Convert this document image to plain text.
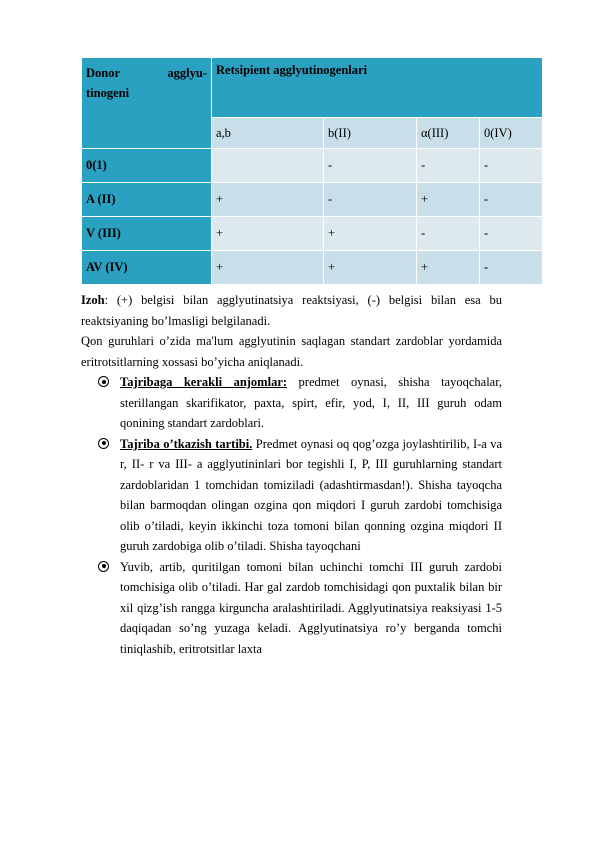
Donor agglyu-
tinogeni	Retsipient agglyutinogenlari			
	a,b	b(II)	α(III)	0(IV)
0(1)		-	-	-
A (II)	+	-	+	-
V (III)	+	+	-	-
AV (IV)	+	+	+	-
Izoh: (+) belgisi bilan agglyutinatsiya reaktsiyasi, (-) belgisi bilan esa bu reaktsiyaning bo’lmasligi belgilanadi.
Qon guruhlari o’zida ma'lum agglyutinin saqlagan standart zardoblar yordamida eritrotsitlarning xossasi bo’yicha aniqlanadi.
Tajribaga kerakli anjomlar: predmet oynasi, shisha tayoqchalar, sterillangan skarifikator, paxta, spirt, efir, yod, I, II, III guruh odam qonining standart zardoblari.
Tajriba o’tkazish tartibi. Predmet oynasi oq qog’ozga joylashtirilib, I-a va r, II- r va III- a agglyutininlari bor tegishli I, P, III guruhlarning standart zardoblaridan 1 tomchidan tomiziladi (adashtirmasdan!). Shisha tayoqcha bilan barmoqdan olingan ozgina qon miqdori I guruh zardobi tomchisiga olib o’tiladi, keyin ikkinchi toza tomoni bilan qonning ozgina miqdori II guruh zardobiga olib o’tiladi. Shisha tayoqchani
Yuvib, artib, quritilgan tomoni bilan uchinchi tomchi III guruh zardobi tomchisiga olib o’tiladi. Har gal zardob tomchisidagi qon puxtalik bilan bir xil qizg’ish rangga kirguncha aralashtiriladi. Agglyutinatsiya reaksiyasi 1-5 daqiqadan so’ng yuzaga keladi. Agglyutinatsiya ro’y berganda tomchi tiniqlashib, eritrotsitlar laxta
